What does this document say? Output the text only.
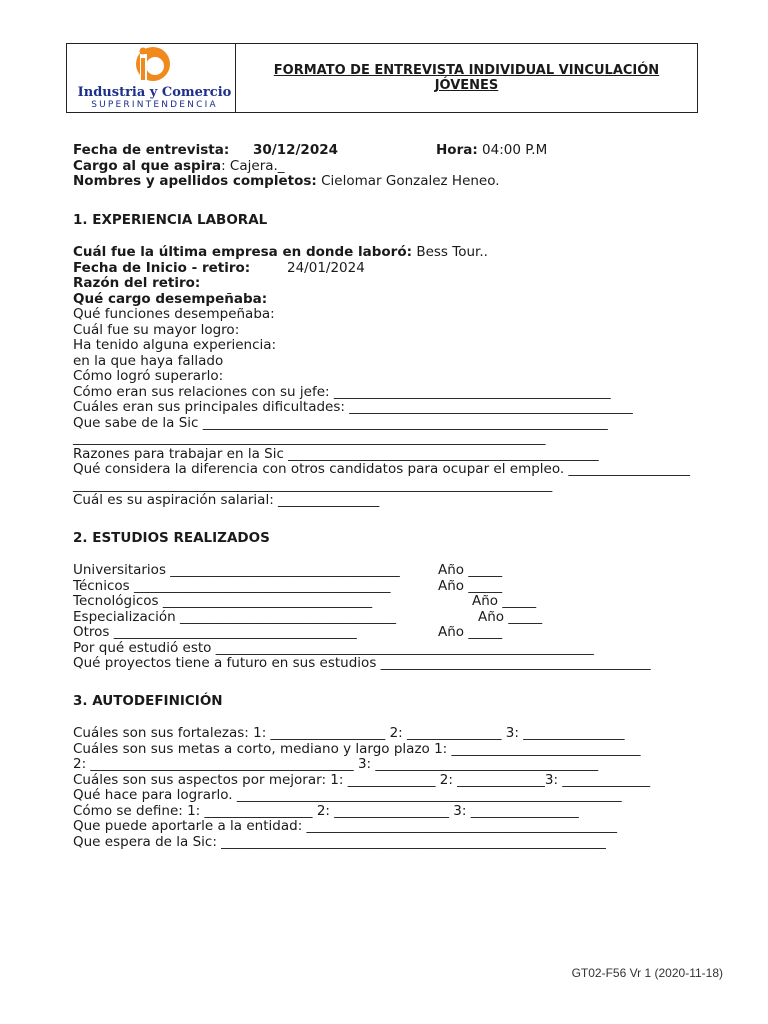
Industria y Comercio
SUPERINTENDENCIA
FORMATO DE ENTREVISTA INDIVIDUAL VINCULACIÓN JÓVENES
Fecha de entrevista: 30/12/2024	Hora: 04:00 P.M
Cargo al que aspira: Cajera._
Nombres y apellidos completos: Cielomar Gonzalez Heneo.
1. EXPERIENCIA LABORAL
Cuál fue la última empresa en donde laboró: Bess Tour..
Fecha de Inicio - retiro:	24/01/2024
Razón del retiro:
Qué cargo desempeñaba:
Qué funciones desempeñaba:
Cuál fue su mayor logro:
Ha tenido alguna experiencia:
en la que haya fallado
Cómo logró superarlo:
Cómo eran sus relaciones con su jefe: _________________________________________
Cuáles eran sus principales dificultades: __________________________________________
Que sabe de la Sic ____________________________________________________________
______________________________________________________________________
Razones para trabajar en la Sic ______________________________________________
Qué considera la diferencia con otros candidatos para ocupar el empleo. __________________
_______________________________________________________________________
Cuál es su aspiración salarial: _______________
2. ESTUDIOS REALIZADOS
Universitarios __________________________________	Año _____
Técnicos ______________________________________	Año _____
Tecnológicos _______________________________	Año _____
Especialización ________________________________	Año _____
Otros ____________________________________	Año _____
Por qué estudió esto ________________________________________________________
Qué proyectos tiene a futuro en sus estudios ________________________________________
3. AUTODEFINICIÓN
Cuáles son sus fortalezas: 1: _________________ 2: ______________ 3: _______________
Cuáles son sus metas a corto, mediano y largo plazo 1: ____________________________
2: _______________________________________ 3: _________________________________
Cuáles son sus aspectos por mejorar: 1: _____________ 2: _____________3: _____________
Qué hace para lograrlo. _________________________________________________________
Cómo se define: 1: ________________ 2: _________________ 3: ________________
Que puede aportarle a la entidad: ______________________________________________
Que espera de la Sic: _________________________________________________________
GT02-F56 Vr 1 (2020-11-18)
